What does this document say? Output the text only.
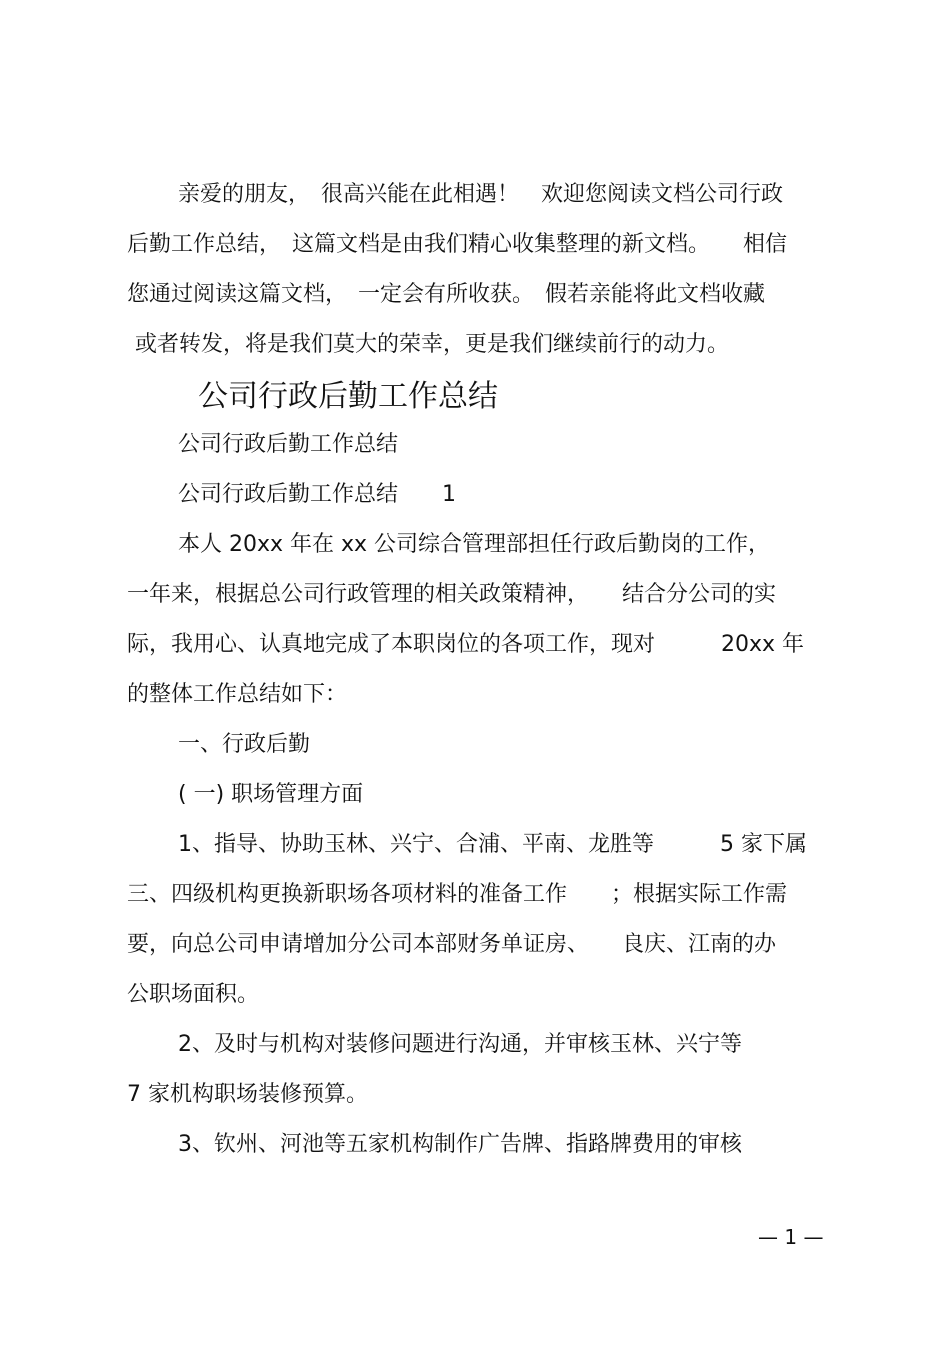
亲爱的朋友，　很高兴能在此相遇！　欢迎您阅读文档公司行政
后勤工作总结，　这篇文档是由我们精心收集整理的新文档。　　相信
您通过阅读这篇文档，　一定会有所收获。　假若亲能将此文档收藏
或者转发，将是我们莫大的荣幸，更是我们继续前行的动力。
公司行政后勤工作总结
公司行政后勤工作总结
公司行政后勤工作总结　　1
本人 20xx 年在 xx 公司综合管理部担任行政后勤岗的工作，
一年来，根据总公司行政管理的相关政策精神，　　结合分公司的实
际，我用心、认真地完成了本职岗位的各项工作，现对　　　20xx 年
的整体工作总结如下：
一、行政后勤
( 一) 职场管理方面
1、指导、协助玉林、兴宁、合浦、平南、龙胜等　　　5 家下属
三、四级机构更换新职场各项材料的准备工作　　；根据实际工作需
要，向总公司申请增加分公司本部财务单证房、　　良庆、江南的办
公职场面积。
2、及时与机构对装修问题进行沟通，并审核玉林、兴宁等
7 家机构职场装修预算。
3、钦州、河池等五家机构制作广告牌、指路牌费用的审核
— 1 —
